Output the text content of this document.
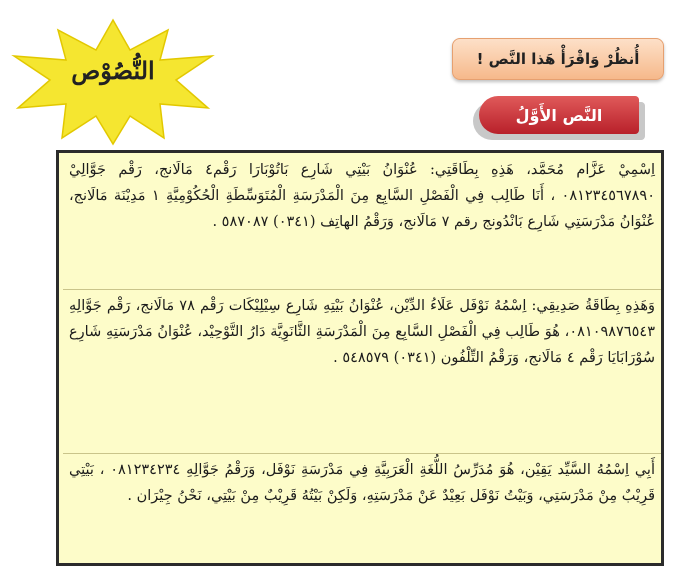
النُّصُوْص	أُنظُرْ وَاقْرَأْ هَذا النَّص !
النَّص الأَوَّلُ
اِسْمِيْ عَزَّام مُحَمَّد، هَذِهِ بِطَاقَتِي: عُنْوَانُ بَيْتِي شَارِع بَاتُوْبَارَا رَقْم٤ مَالَانج، رَقْم جَوَّالِيْ ٠٨١٢٣٤٥٦٧٨٩٠ ، أَنَا طَالِب فِي الْفَصْلِ السَّابِع مِنَ الْمَدْرَسَةِ الْمُتَوَسِّطَةِ الْحُكُوْمِيَّةِ ١ مَدِيْنَة مَالَانج، عُنْوَانُ مَدْرَسَتِي شَارِع بَانْدُونج رقم ٧ مَالَانج، وَرَقْمُ الهاتِف (٠٣٤١) ٥٨٧٠٨٧ .
وَهَذِهِ بِطَاقَةُ صَدِيقِي: اِسْمُهُ نَوْفَل عَلَاءُ الدِّيْن، عُنْوَانُ بَيْتِهِ شَارِع سِيْلِيْكَات رَقْم ٧٨ مَالَانج، رَقْم جَوَّالِهِ ٠٨١٠٩٨٧٦٥٤٣، هُوَ طَالِب فِي الْفَصْلِ السَّابِع مِنَ الْمَدْرَسَةِ الثَّانَوِيَّة دَارُ التَّوْحِيْد، عُنْوَانُ مَدْرَسَتِهِ شَارِع سُوْرَابَايَا رَقْم ٤ مَالَانج، وَرَقْمُ التِّلْفُون (٠٣٤١) ٥٤٨٥٧٩ .
أَبِي اِسْمُهُ السَّيِّد يَقِيْن، هُوَ مُدَرِّسُ اللُّغَةِ الْعَرَبِيَّةِ فِي مَدْرَسَةِ نَوْفَل، وَرَقْمُ جَوَّالِهِ ٠٨١٢٣٤٢٣٤ ، بَيْتِي قَرِيْبٌ مِنْ مَدْرَسَتِي، وَبَيْتُ نَوْفَل بَعِيْدٌ عَنْ مَدْرَسَتِهِ، وَلَكِنْ بَيْتُهُ قَرِيْبٌ مِنْ بَيْتِي، نَحْنُ جِيْرَان .
